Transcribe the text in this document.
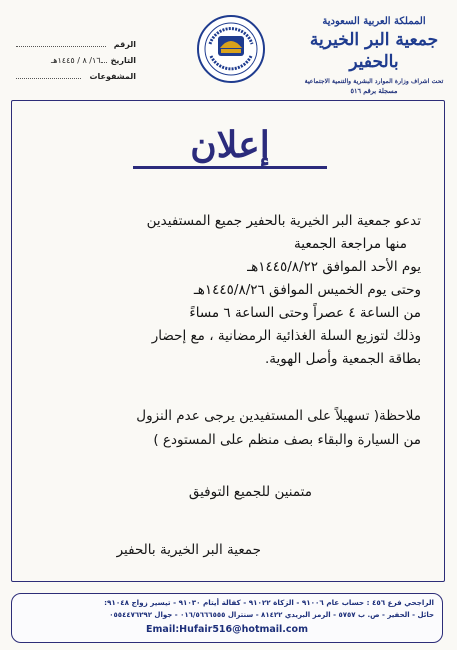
المملكة العربية السعودية
جمعية البر الخيرية بالحفير
تحت اشراف وزارة الموارد البشرية والتنمية الاجتماعية
مسجلة برقم ٥١٦
الرقم
التاريخ
١٦/ ٨ / ١٤٤٥هـ
المشفوعات
إعلان
تدعو جمعية البر الخيرية بالحفير جميع المستفيدين
منها مراجعة الجمعية
يوم الأحد الموافق ١٤٤٥/٨/٢٢هـ
وحتى يوم الخميس الموافق ١٤٤٥/٨/٢٦هـ
من الساعة ٤ عصراً وحتى الساعة ٦ مساءً
وذلك لتوزيع السلة الغذائية الرمضانية ، مع إحضار
بطاقة الجمعية وأصل الهوية.
ملاحظة( تسهيلاً على المستفيدين يرجى عدم النزول
من السيارة والبقاء بصف منظم على المستودع )
متمنين للجميع التوفيق
جمعية البر الخيرية بالحفير
الراجحي فرع ٤٥٦ : حساب عام ٩١٠٠٦ - الزكاة ٩١٠٢٢ - كفالة أيتام ٩١٠٣٠ - تيسير زواج ٩١٠٤٨:
حائل - الحفير - ص. ب ٥٧٥٧ - الرمز البريدي ٨١٤٢٢ - سنترال ٠١٦/٥٦٦٦٥٥٥ - جوال ٠٥٥٤٤٧٦٢٩٢
Email:Hufair516@hotmail.com
